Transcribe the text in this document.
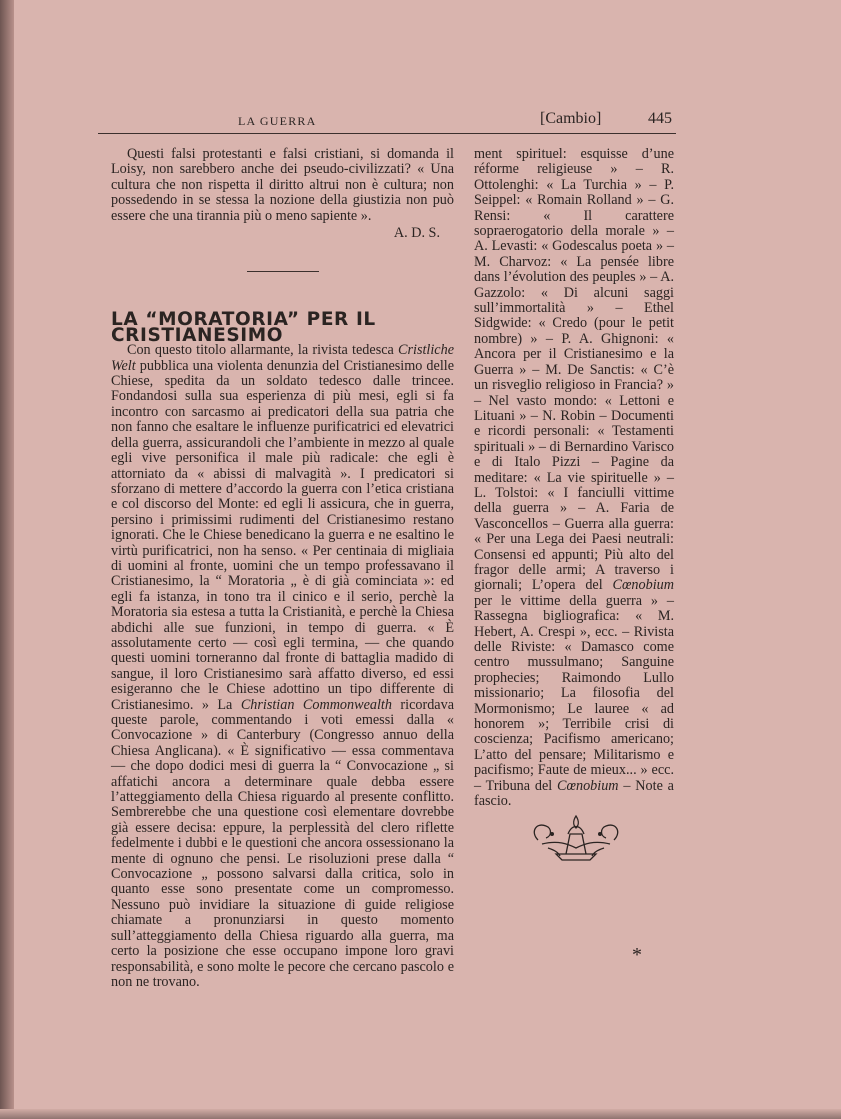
LA GUERRA	[Cambio]	445

Questi falsi protestanti e falsi cristiani, si domanda il Loisy, non sarebbero anche dei pseudo-civilizzati? « Una cultura che non rispetta il diritto altrui non è cultura; non possedendo in se stessa la nozione della giustizia non può essere che una tirannia più o meno sapiente ».

A. D. S.
LA “MORATORIA” PER IL CRISTIANESIMO

Con questo titolo allarmante, la rivista tedesca Cristliche Welt pubblica una violenta denunzia del Cristianesimo delle Chiese, spedita da un soldato tedesco dalle trincee. Fondandosi sulla sua esperienza di più mesi, egli si fa incontro con sarcasmo ai predicatori della sua patria che non fanno che esaltare le influenze purificatrici ed elevatrici della guerra, assicurandoli che l’ambiente in mezzo al quale egli vive personifica il male più radicale: che egli è attorniato da « abissi di malvagità ». I predicatori si sforzano di mettere d’accordo la guerra con l’etica cristiana e col discorso del Monte: ed egli li assicura, che in guerra, persino i primissimi rudimenti del Cristianesimo restano ignorati. Che le Chiese benedicano la guerra e ne esaltino le virtù purificatrici, non ha senso. « Per centinaia di migliaia di uomini al fronte, uomini che un tempo professavano il Cristianesimo, la “ Moratoria „ è di già cominciata »: ed egli fa istanza, in tono tra il cinico e il serio, perchè la Moratoria sia estesa a tutta la Cristianità, e perchè la Chiesa abdichi alle sue funzioni, in tempo di guerra. « È assolutamente certo — così egli termina, — che quando questi uomini torneranno dal fronte di battaglia madido di sangue, il loro Cristianesimo sarà affatto diverso, ed essi esigeranno che le Chiese adottino un tipo differente di Cristianesimo. » La Christian Commonwealth ricordava queste parole, commentando i voti emessi dalla « Convocazione » di Canterbury (Congresso annuo della Chiesa Anglicana). « È significativo — essa commentava — che dopo dodici mesi di guerra la “ Convocazione „ si affatichi ancora a determinare quale debba essere l’atteggiamento della Chiesa riguardo al presente conflitto. Sembrerebbe che una questione così elementare dovrebbe già essere decisa: eppure, la perplessità del clero riflette fedelmente i dubbi e le questioni che ancora ossessionano la mente di ognuno che pensi. Le risoluzioni prese dalla “ Convocazione „ possono salvarsi dalla critica, solo in quanto esse sono presentate come un compromesso. Nessuno può invidiare la situazione di guide religiose chiamate a pronunziarsi in questo momento sull’atteggiamento della Chiesa riguardo alla guerra, ma certo la posizione che esse occupano impone loro gravi responsabilità, e sono molte le pecore che cercano pascolo e non ne trovano.

ment spirituel: esquisse d’une réforme religieuse » – R. Ottolenghi: « La Turchia » – P. Seippel: « Romain Rolland » – G. Rensi: « Il carattere sopraerogatorio della morale » – A. Levasti: « Godescalus poeta » – M. Charvoz: « La pensée libre dans l’évolution des peuples » – A. Gazzolo: « Di alcuni saggi sull’immortalità » – Ethel Sidgwide: « Credo (pour le petit nombre) » – P. A. Ghignoni: « Ancora per il Cristianesimo e la Guerra » – M. De Sanctis: « C’è un risveglio religioso in Francia? » – Nel vasto mondo: « Lettoni e Lituani » – N. Robin – Documenti e ricordi personali: « Testamenti spirituali » – di Bernardino Varisco e di Italo Pizzi – Pagine da meditare: « La vie spirituelle » – L. Tolstoi: « I fanciulli vittime della guerra » – A. Faria de Vasconcellos – Guerra alla guerra: « Per una Lega dei Paesi neutrali: Consensi ed appunti; Più alto del fragor delle armi; A traverso i giornali; L’opera del Cœnobium per le vittime della guerra » – Rassegna bigliografica: « M. Hebert, A. Crespi », ecc. – Rivista delle Riviste: « Damasco come centro mussulmano; Sanguine prophecies; Raimondo Lullo missionario; La filosofia del Mormonismo; Le lauree « ad honorem »; Terribile crisi di coscienza; Pacifismo americano; L’atto del pensare; Militarismo e pacifismo; Faute de mieux... » ecc. – Tribuna del Cœnobium – Note a fascio.

*
